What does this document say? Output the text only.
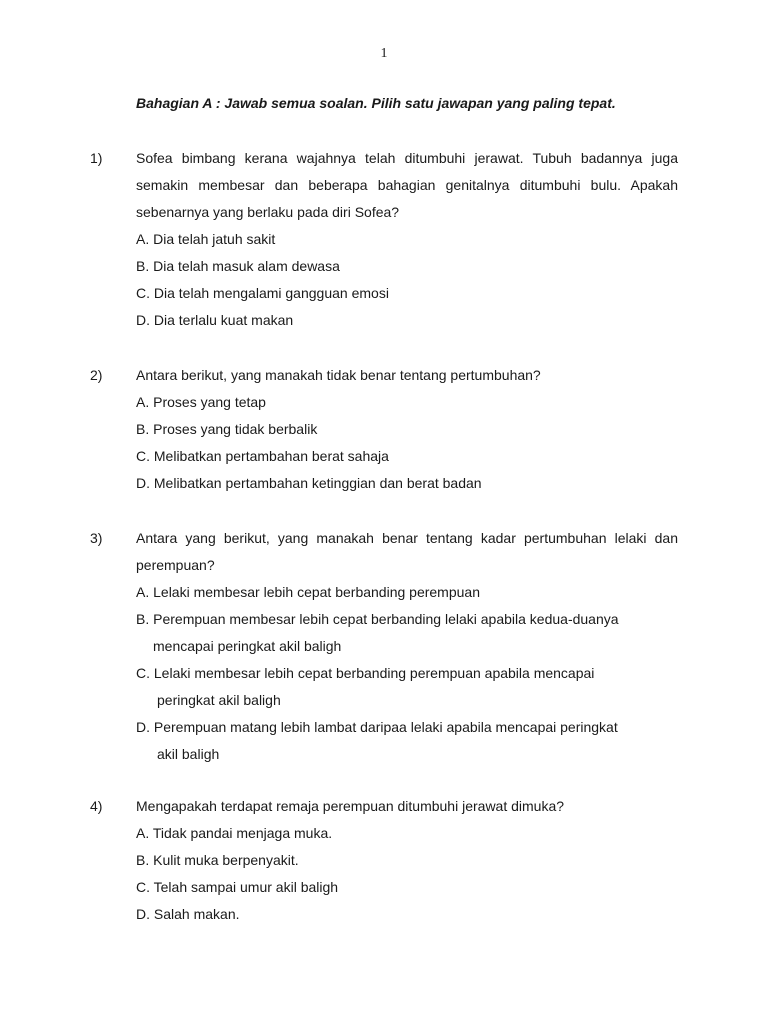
1
Bahagian A : Jawab semua soalan. Pilih satu jawapan yang paling tepat.
1) Sofea bimbang kerana wajahnya telah ditumbuhi jerawat. Tubuh badannya juga semakin membesar dan beberapa bahagian genitalnya ditumbuhi bulu. Apakah sebenarnya yang berlaku pada diri Sofea?
A. Dia telah jatuh sakit
B. Dia telah masuk alam dewasa
C. Dia telah mengalami gangguan emosi
D. Dia terlalu kuat makan
2) Antara berikut, yang manakah tidak benar tentang pertumbuhan?
A. Proses yang tetap
B. Proses yang tidak berbalik
C. Melibatkan pertambahan berat sahaja
D. Melibatkan pertambahan ketinggian dan berat badan
3) Antara yang berikut, yang manakah benar tentang kadar pertumbuhan lelaki dan perempuan?
A. Lelaki membesar lebih cepat berbanding perempuan
B. Perempuan membesar lebih cepat berbanding lelaki apabila kedua-duanya
mencapai peringkat akil baligh
C. Lelaki membesar lebih cepat berbanding perempuan apabila mencapai
peringkat akil baligh
D. Perempuan matang lebih lambat daripaa lelaki apabila mencapai peringkat
akil baligh
4) Mengapakah terdapat remaja perempuan ditumbuhi jerawat dimuka?
A. Tidak pandai menjaga muka.
B. Kulit muka berpenyakit.
C. Telah sampai umur akil baligh
D. Salah makan.
